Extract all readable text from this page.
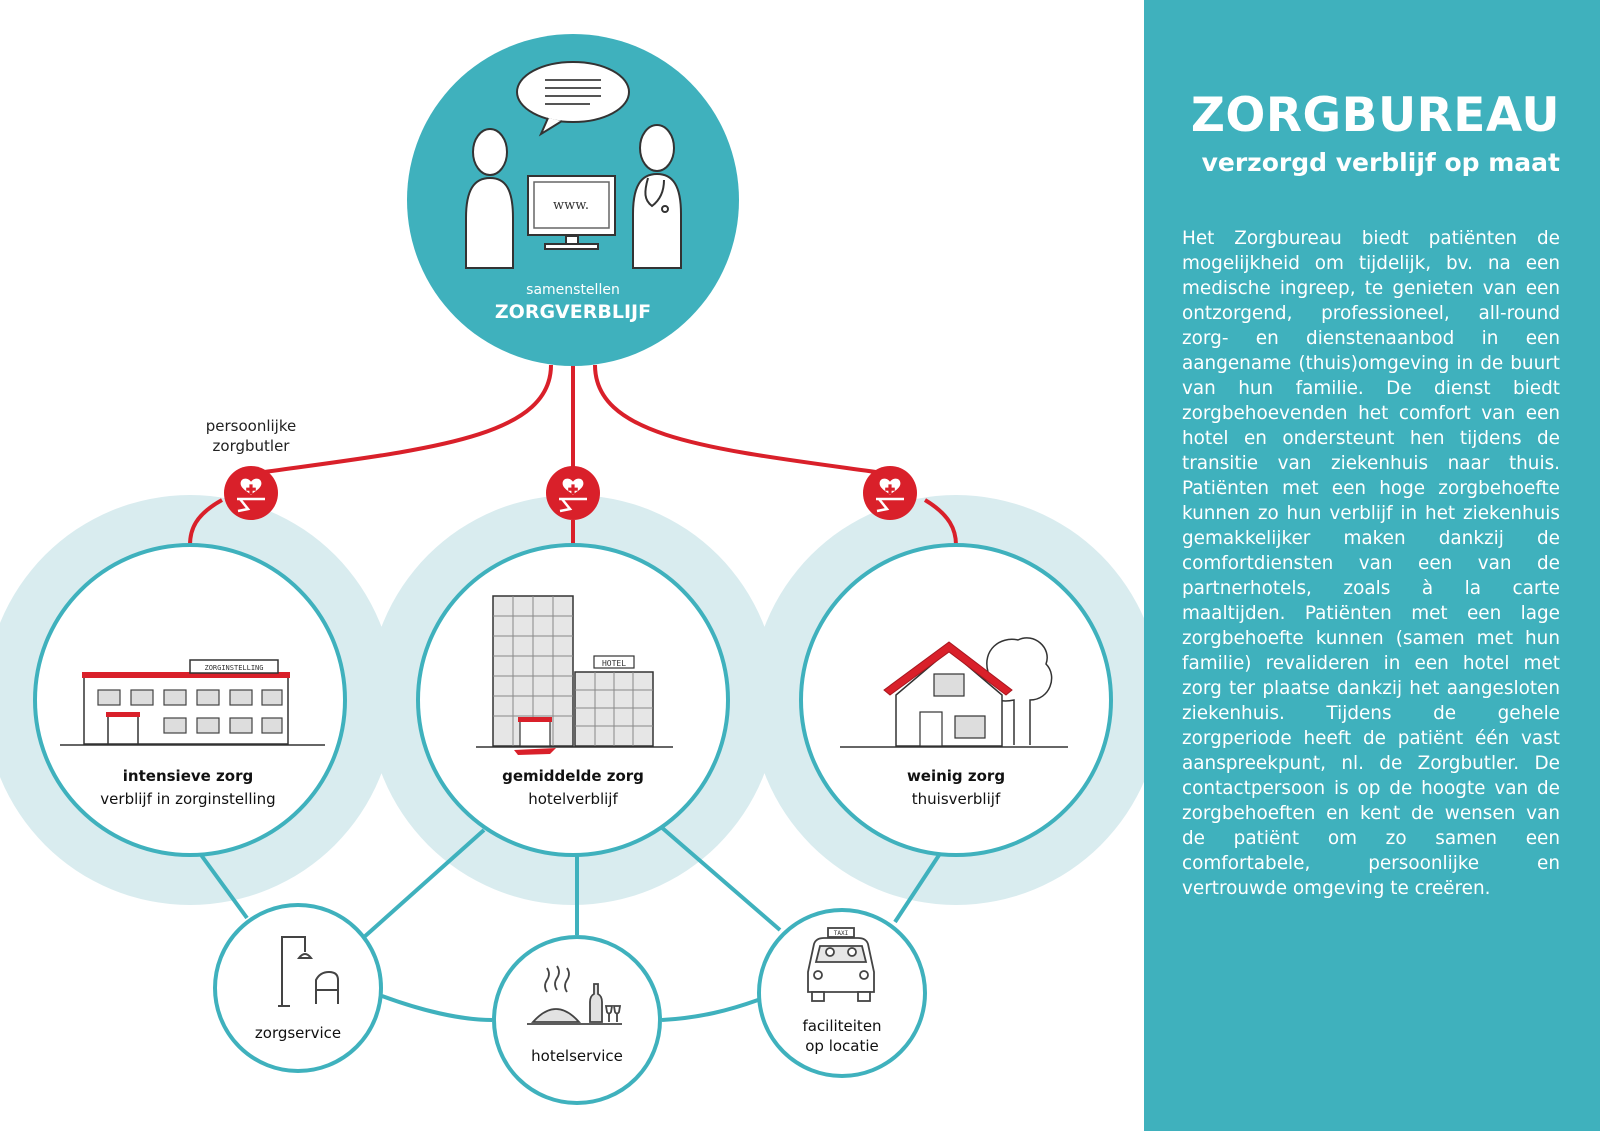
www.
samenstellen
ZORGVERBLIJF
persoonlijke
zorgbutler
ZORGINSTELLING
intensieve zorg
verblijf in zorginstelling
HOTEL
gemiddelde zorg
hotelverblijf
weinig zorg
thuisverblijf
zorgservice
hotelservice
TAXI
faciliteiten
op locatie
ZORGBUREAU
verzorgd verblijf op maat
Het Zorgbureau biedt patiënten de mogelijkheid om tijdelijk, bv. na een medische ingreep, te genieten van een ontzorgend, professioneel, all-round zorg- en dienstenaanbod in een aangename (thuis)omgeving in de buurt van hun familie. De dienst biedt zorgbehoevenden het comfort van een hotel en ondersteunt hen tijdens de transitie van ziekenhuis naar thuis. Patiënten met een hoge zorgbehoefte kunnen zo hun verblijf in het ziekenhuis gemakkelijker maken dankzij de comfortdiensten van een van de partnerhotels, zoals à la carte maaltijden. Patiënten met een lage zorgbehoefte kunnen (samen met hun familie) revalideren in een hotel met zorg ter plaatse dankzij het aangesloten ziekenhuis. Tijdens de gehele zorgperiode heeft de patiënt één vast aanspreekpunt, nl. de Zorgbutler. De contactpersoon is op de hoogte van de zorgbehoeften en kent de wensen van de patiënt om zo samen een comfortabele, persoonlijke en vertrouwde omgeving te creëren.
